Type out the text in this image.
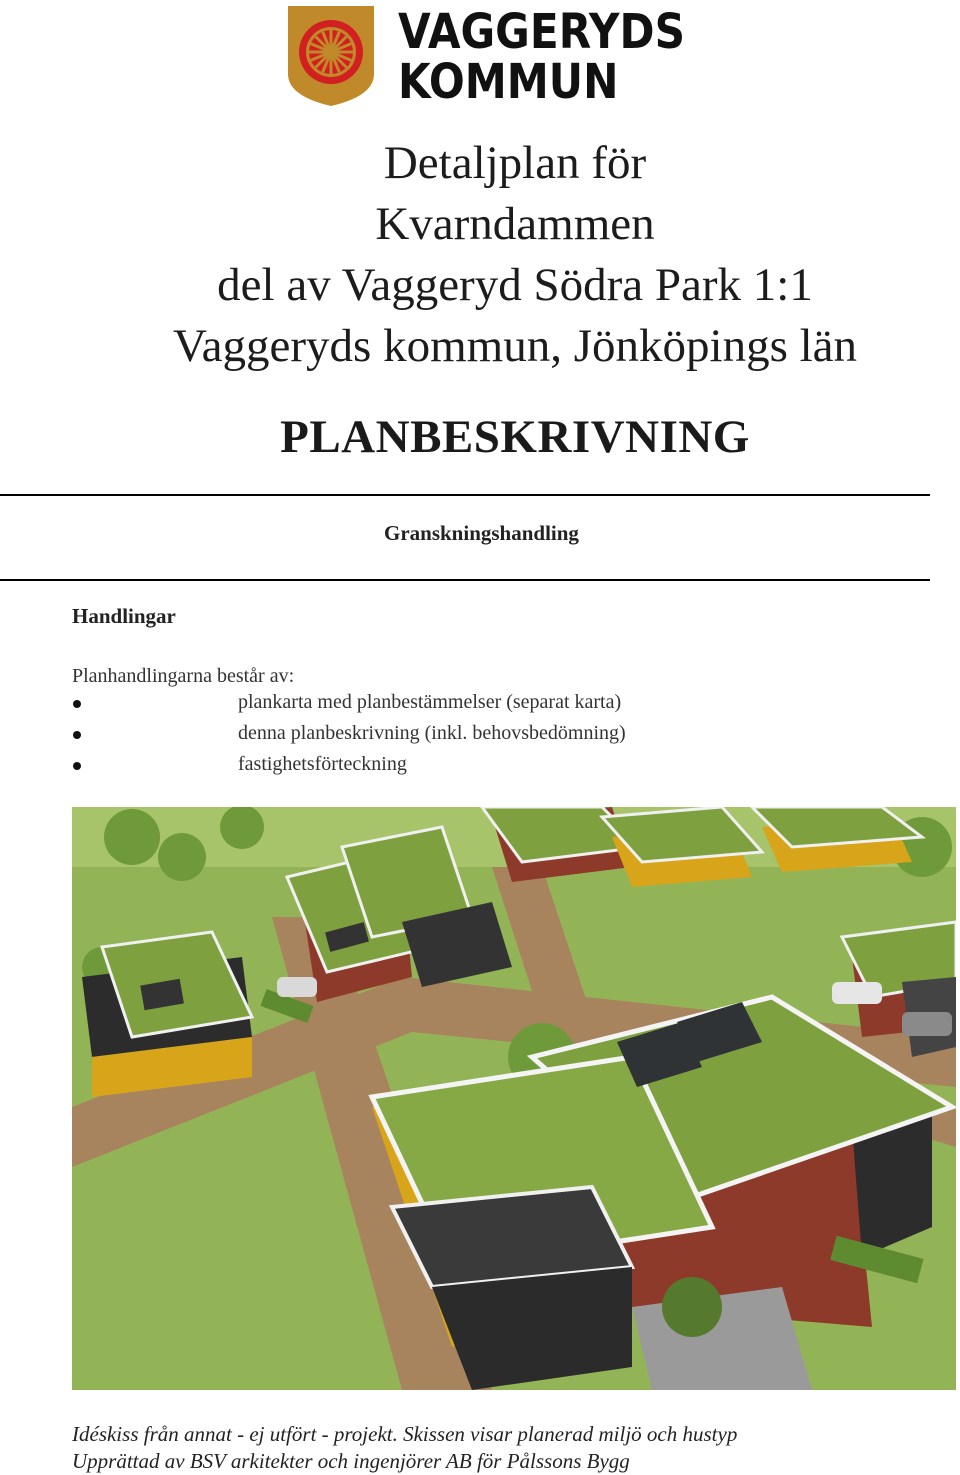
VAGGERYDS
KOMMUN
Detaljplan för
Kvarndammen
del av Vaggeryd Södra Park 1:1
Vaggeryds kommun, Jönköpings län
PLANBESKRIVNING
Granskningshandling
Handlingar
Planhandlingarna består av:
plankarta med planbestämmelser (separat karta)
denna planbeskrivning (inkl. behovsbedömning)
fastighetsförteckning
Idéskiss från annat - ej utfört - projekt. Skissen visar planerad miljö och hustyp
Upprättad av BSV arkitekter och ingenjörer AB för Pålssons Bygg
